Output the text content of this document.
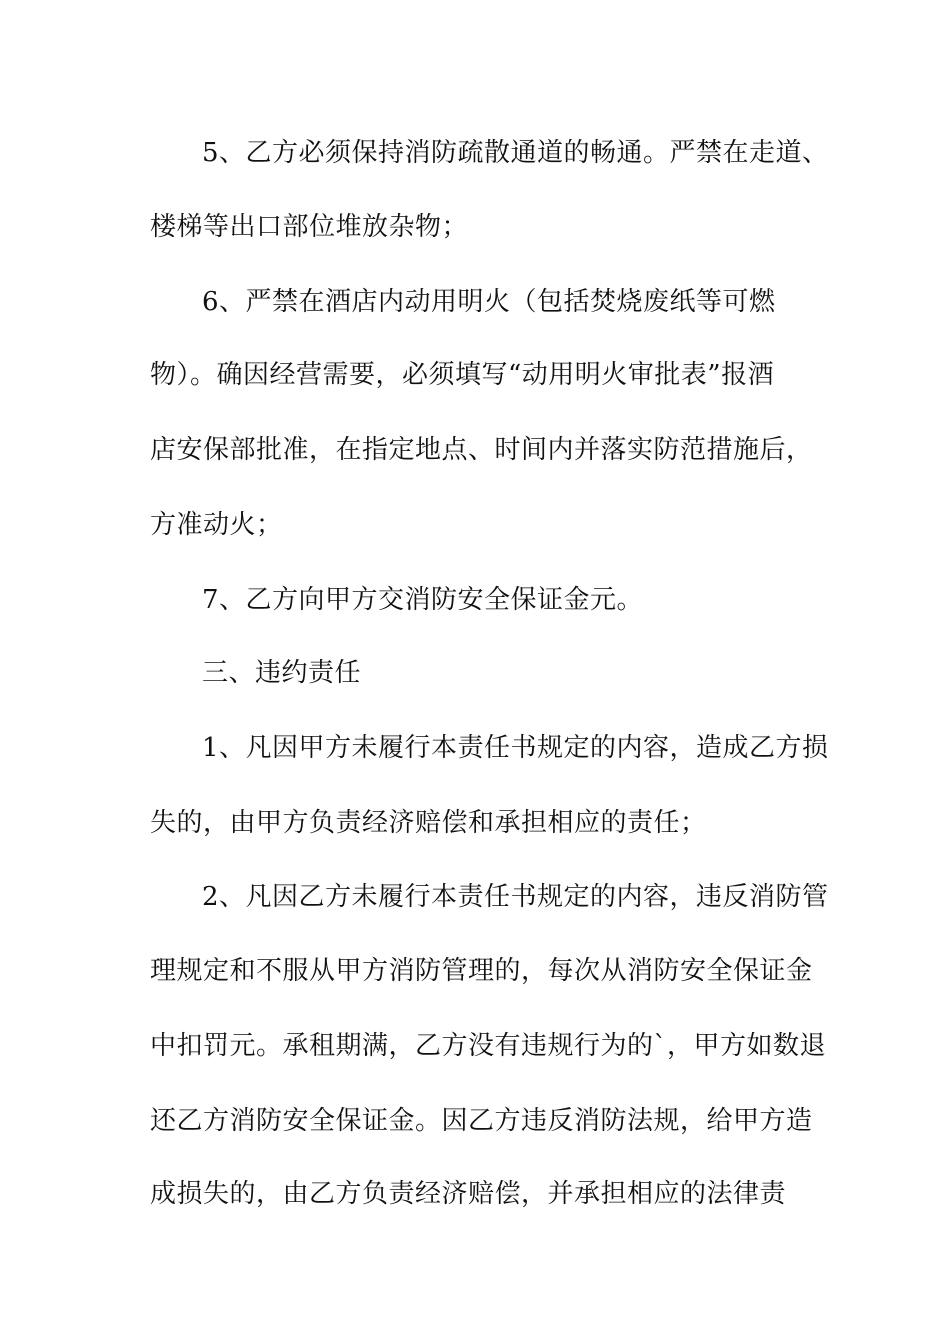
5、乙方必须保持消防疏散通道的畅通。严禁在走道、
楼梯等出口部位堆放杂物；
6、严禁在酒店内动用明火（包括焚烧废纸等可燃
物）。确因经营需要，必须填写“动用明火审批表”报酒
店安保部批准，在指定地点、时间内并落实防范措施后，
方准动火；
7、乙方向甲方交消防安全保证金元。
三、违约责任
1、凡因甲方未履行本责任书规定的内容，造成乙方损
失的，由甲方负责经济赔偿和承担相应的责任；
2、凡因乙方未履行本责任书规定的内容，违反消防管
理规定和不服从甲方消防管理的，每次从消防安全保证金
中扣罚元。承租期满，乙方没有违规行为的`，甲方如数退
还乙方消防安全保证金。因乙方违反消防法规，给甲方造
成损失的，由乙方负责经济赔偿，并承担相应的法律责
